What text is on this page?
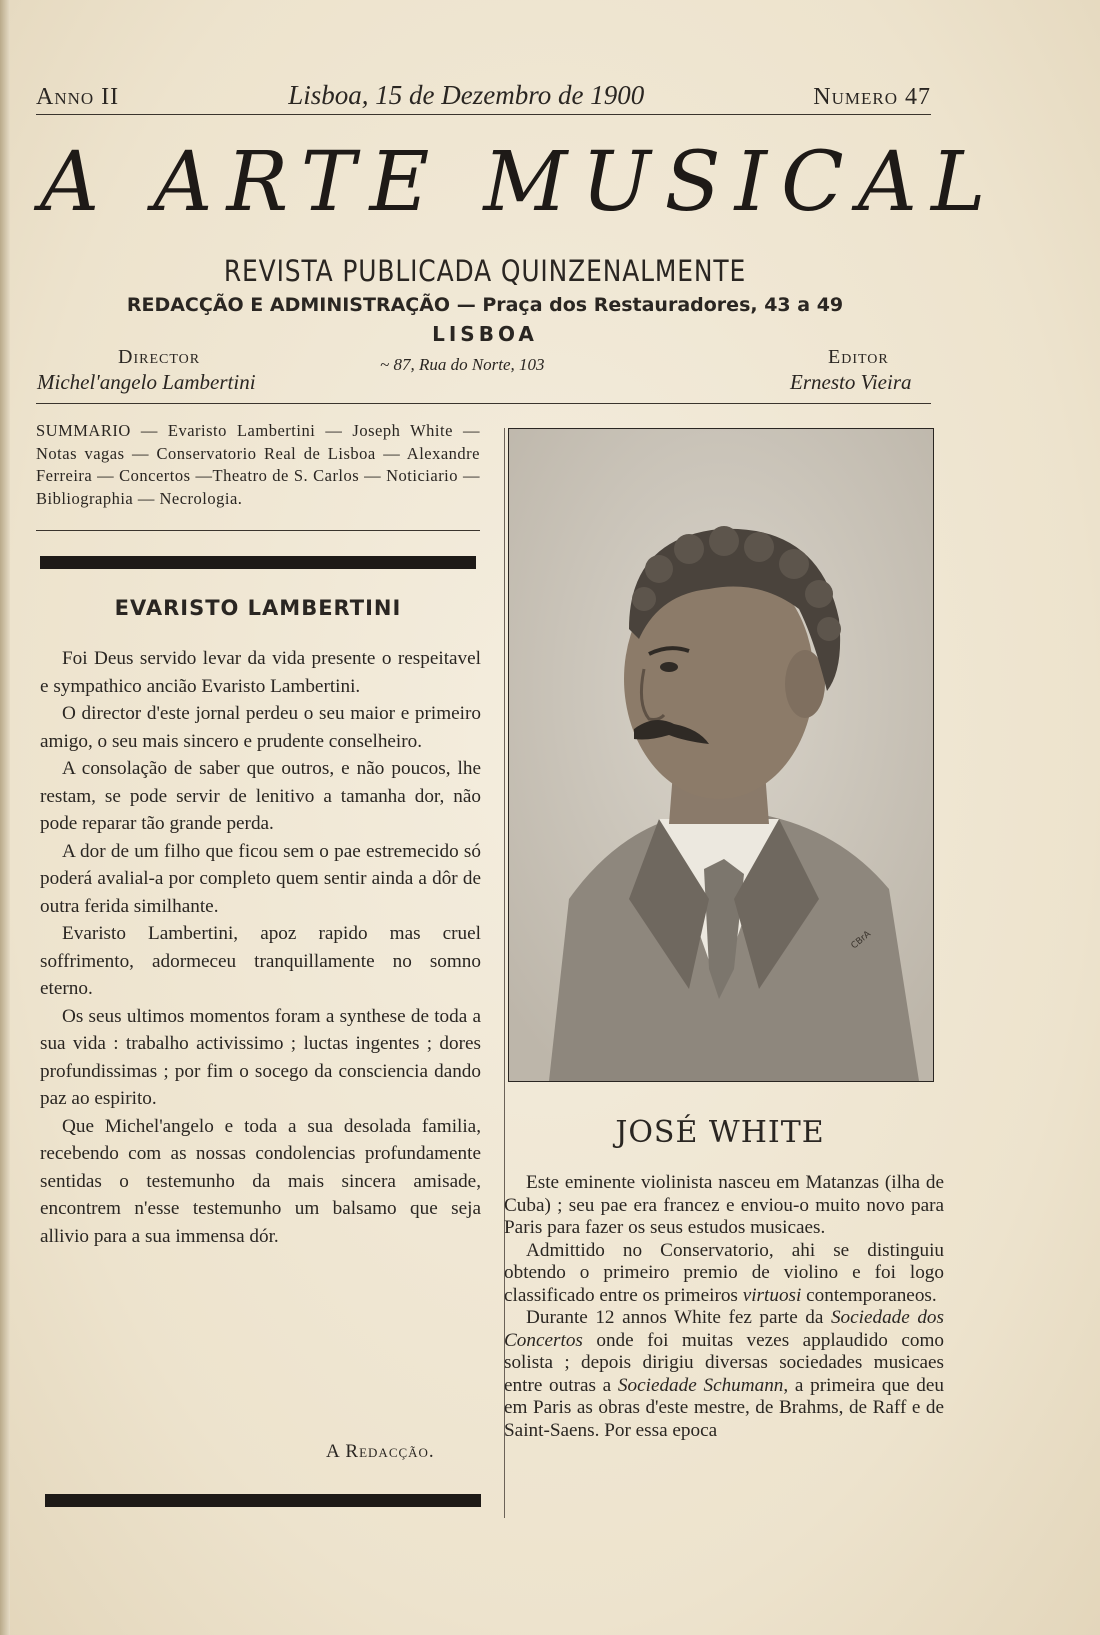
Anno II	Lisboa, 15 de Dezembro de 1900	Numero 47
A ARTE MUSICAL
REVISTA PUBLICADA QUINZENALMENTE
REDACÇÃO E ADMINISTRAÇÃO — Praça dos Restauradores, 43 a 49
LISBOA
Director
Michel'angelo Lambertini
~ 87, Rua do Norte, 103	Editor
Ernesto Vieira
SUMMARIO — Evaristo Lambertini — Joseph White — Notas vagas — Conservatorio Real de Lisboa — Alexandre Ferreira — Concertos —Theatro de S. Carlos — Noticiario — Bibliographia — Necrologia.
EVARISTO LAMBERTINI

Foi Deus servido levar da vida presente o respeitavel e sympathico ancião Evaristo Lambertini.

O director d'este jornal perdeu o seu maior e primeiro amigo, o seu mais sincero e prudente conselheiro.

A consolação de saber que outros, e não poucos, lhe restam, se pode servir de lenitivo a tamanha dor, não pode reparar tão grande perda.

A dor de um filho que ficou sem o pae estremecido só poderá avalial-a por completo quem sentir ainda a dôr de outra ferida similhante.

Evaristo Lambertini, apoz rapido mas cruel soffrimento, adormeceu tranquillamente no somno eterno.

Os seus ultimos momentos foram a synthese de toda a sua vida : trabalho activissimo ; luctas ingentes ; dores profundissimas ; por fim o socego da consciencia dando paz ao espirito.

Que Michel'angelo e toda a sua desolada familia, recebendo com as nossas condolencias profundamente sentidas o testemunho da mais sincera amisade, encontrem n'esse testemunho um balsamo que seja allivio para a sua immensa dór.

A Redacção.
CBrA
JOSÉ WHITE

Este eminente violinista nasceu em Matanzas (ilha de Cuba) ; seu pae era francez e enviou-o muito novo para Paris para fazer os seus estudos musicaes.

Admittido no Conservatorio, ahi se distinguiu obtendo o primeiro premio de violino e foi logo classificado entre os primeiros virtuosi contemporaneos.

Durante 12 annos White fez parte da Sociedade dos Concertos onde foi muitas vezes applaudido como solista ; depois dirigiu diversas sociedades musicaes entre outras a Sociedade Schumann, a primeira que deu em Paris as obras d'este mestre, de Brahms, de Raff e de Saint-Saens. Por essa epoca
